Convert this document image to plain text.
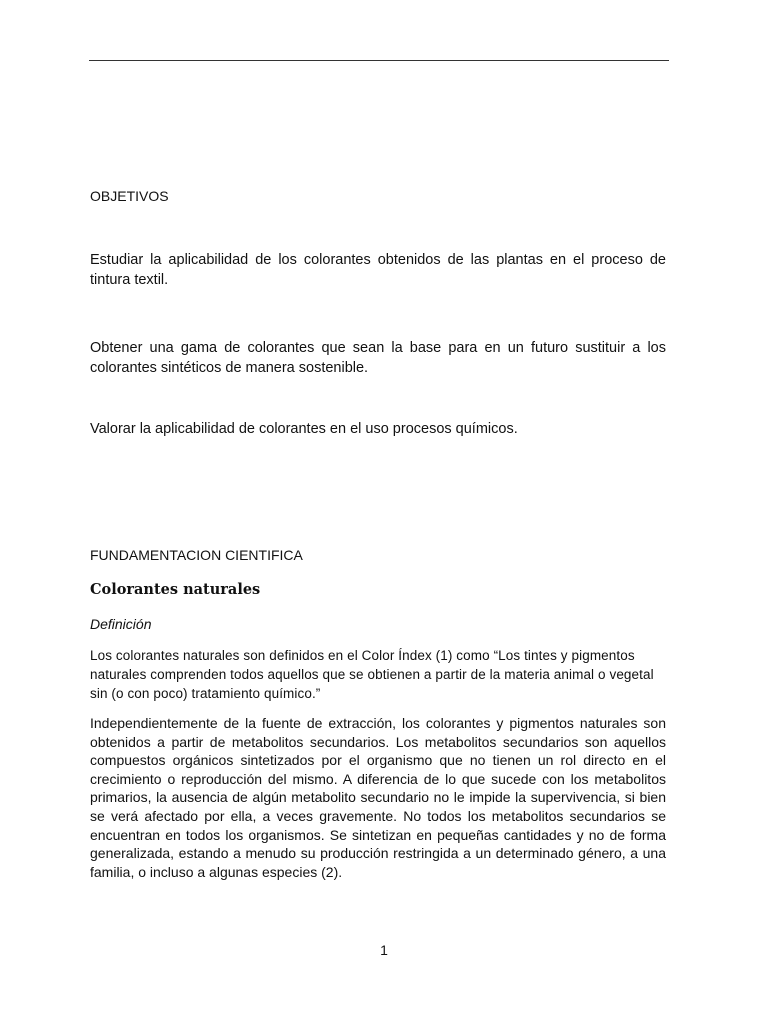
OBJETIVOS

Estudiar la aplicabilidad de los colorantes obtenidos de las plantas en el proceso de tintura textil.

Obtener una gama de colorantes que sean la base para en un futuro sustituir a los colorantes sintéticos de manera sostenible.

Valorar la aplicabilidad de colorantes en el uso procesos químicos.

FUNDAMENTACION CIENTIFICA

Colorantes naturales

Definición

Los colorantes naturales son definidos en el Color Índex (1) como “Los tintes y pigmentos naturales comprenden todos aquellos que se obtienen a partir de la materia animal o vegetal sin (o con poco) tratamiento químico.”

Independientemente de la fuente de extracción, los colorantes y pigmentos naturales son obtenidos a partir de metabolitos secundarios. Los metabolitos secundarios son aquellos compuestos orgánicos sintetizados por el organismo que no tienen un rol directo en el crecimiento o reproducción del mismo. A diferencia de lo que sucede con los metabolitos primarios, la ausencia de algún metabolito secundario no le impide la supervivencia, si bien se verá afectado por ella, a veces gravemente. No todos los metabolitos secundarios se encuentran en todos los organismos. Se sintetizan en pequeñas cantidades y no de forma generalizada, estando a menudo su producción restringida a un determinado género, a una familia, o incluso a algunas especies (2).

1
